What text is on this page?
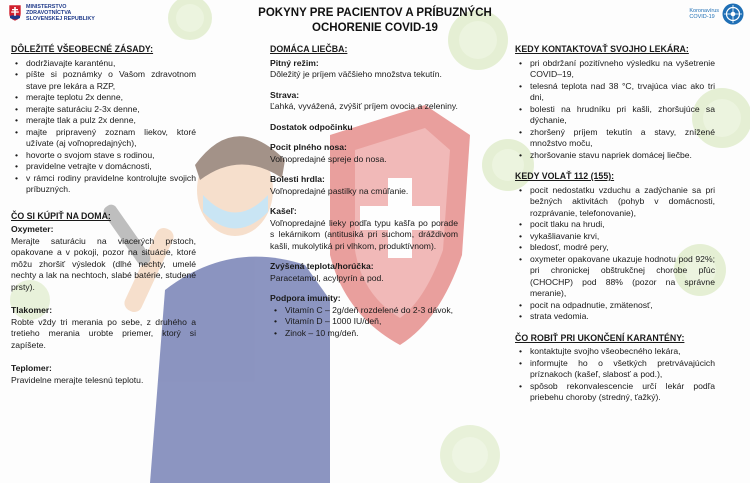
MINISTERSTVO
ZDRAVOTNÍCTVA
SLOVENSKEJ REPUBLIKY	POKYNY PRE PACIENTOV A PRÍBUZNÝCH
OCHORENIE COVID-19
Koronavírus
COVID-19
DÔLEŽITÉ VŠEOBECNÉ ZÁSADY:
• dodržiavajte karanténu,
• píšte si poznámky o Vašom zdravotnom stave pre lekára a RZP,
• merajte teplotu 2x denne,
• merajte saturáciu 2-3x denne,
• merajte tlak a pulz 2x denne,
• majte pripravený zoznam liekov, ktoré užívate (aj voľnopredajných),
• hovorte o svojom stave s rodinou,
• pravidelne vetrajte v domácnosti,
• v rámci rodiny pravidelne kontrolujte svojich príbuzných.
ČO SI KÚPIŤ NA DOMA:
Oxymeter:

Merajte saturáciu na viacerých prstoch, opakovane a v pokoji, pozor na situácie, ktoré môžu zhoršiť výsledok (dlhé nechty, umelé nechty a lak na nechtoch, slabé batérie, studené prsty).

Tlakomer:

Robte vždy tri merania po sebe, z druhého a tretieho merania urobte priemer, ktorý si zapíšete.

Teplomer:

Pravidelne merajte telesnú teplotu.

DOMÁCA LIEČBA:
Pitný režim:

Dôležitý je príjem väčšieho množstva tekutín.

Strava:

Ľahká, vyvážená, zvýšiť príjem ovocia a zeleniny.

Dostatok odpočinku
Pocit plného nosa:

Voľnopredajné spreje do nosa.

Bolesti hrdla:

Voľnopredajné pastilky na cmúľanie.

Kašeľ:

Voľnopredajné lieky podľa typu kašľa po porade s lekárnikom (antitusiká pri suchom, dráždivom kašli, mukolytiká pri vlhkom, produktívnom).

Zvýšená teplota/horúčka:

Paracetamol, acylpyrín a pod.

Podpora imunity:
• Vitamín C – 2g/deň rozdelené do 2-3 dávok,
• Vitamín D – 1000 IU/deň,
• Zinok – 10 mg/deň.
KEDY KONTAKTOVAŤ SVOJHO LEKÁRA:
• pri obdržaní pozitívneho výsledku na vyšetrenie COVID–19,
• telesná teplota nad 38 °C, trvajúca viac ako tri dni,
• bolesti na hrudníku pri kašli, zhoršujúce sa dýchanie,
• zhoršený príjem tekutín a stavy, znížené množstvo moču,
• zhoršovanie stavu napriek domácej liečbe.
KEDY VOLAŤ 112 (155):
• pocit nedostatku vzduchu a zadýchanie sa pri bežných aktivitách (pohyb v domácnosti, rozprávanie, telefonovanie),
• pocit tlaku na hrudi,
• vykašliavanie krvi,
• bledosť, modré pery,
• oxymeter opakovane ukazuje hodnotu pod 92%; pri chronickej obštrukčnej chorobe pľúc (CHOCHP) pod 88% (pozor na správne meranie),
• pocit na odpadnutie, zmätenosť,
• strata vedomia.
ČO ROBIŤ PRI UKONČENÍ KARANTÉNY:
• kontaktujte svojho všeobecného lekára,
• informujte ho o všetkých pretrvávajúcich príznakoch (kašeľ, slabosť a pod.),
• spôsob rekonvalescencie určí lekár podľa priebehu choroby (stredný, ťažký).
